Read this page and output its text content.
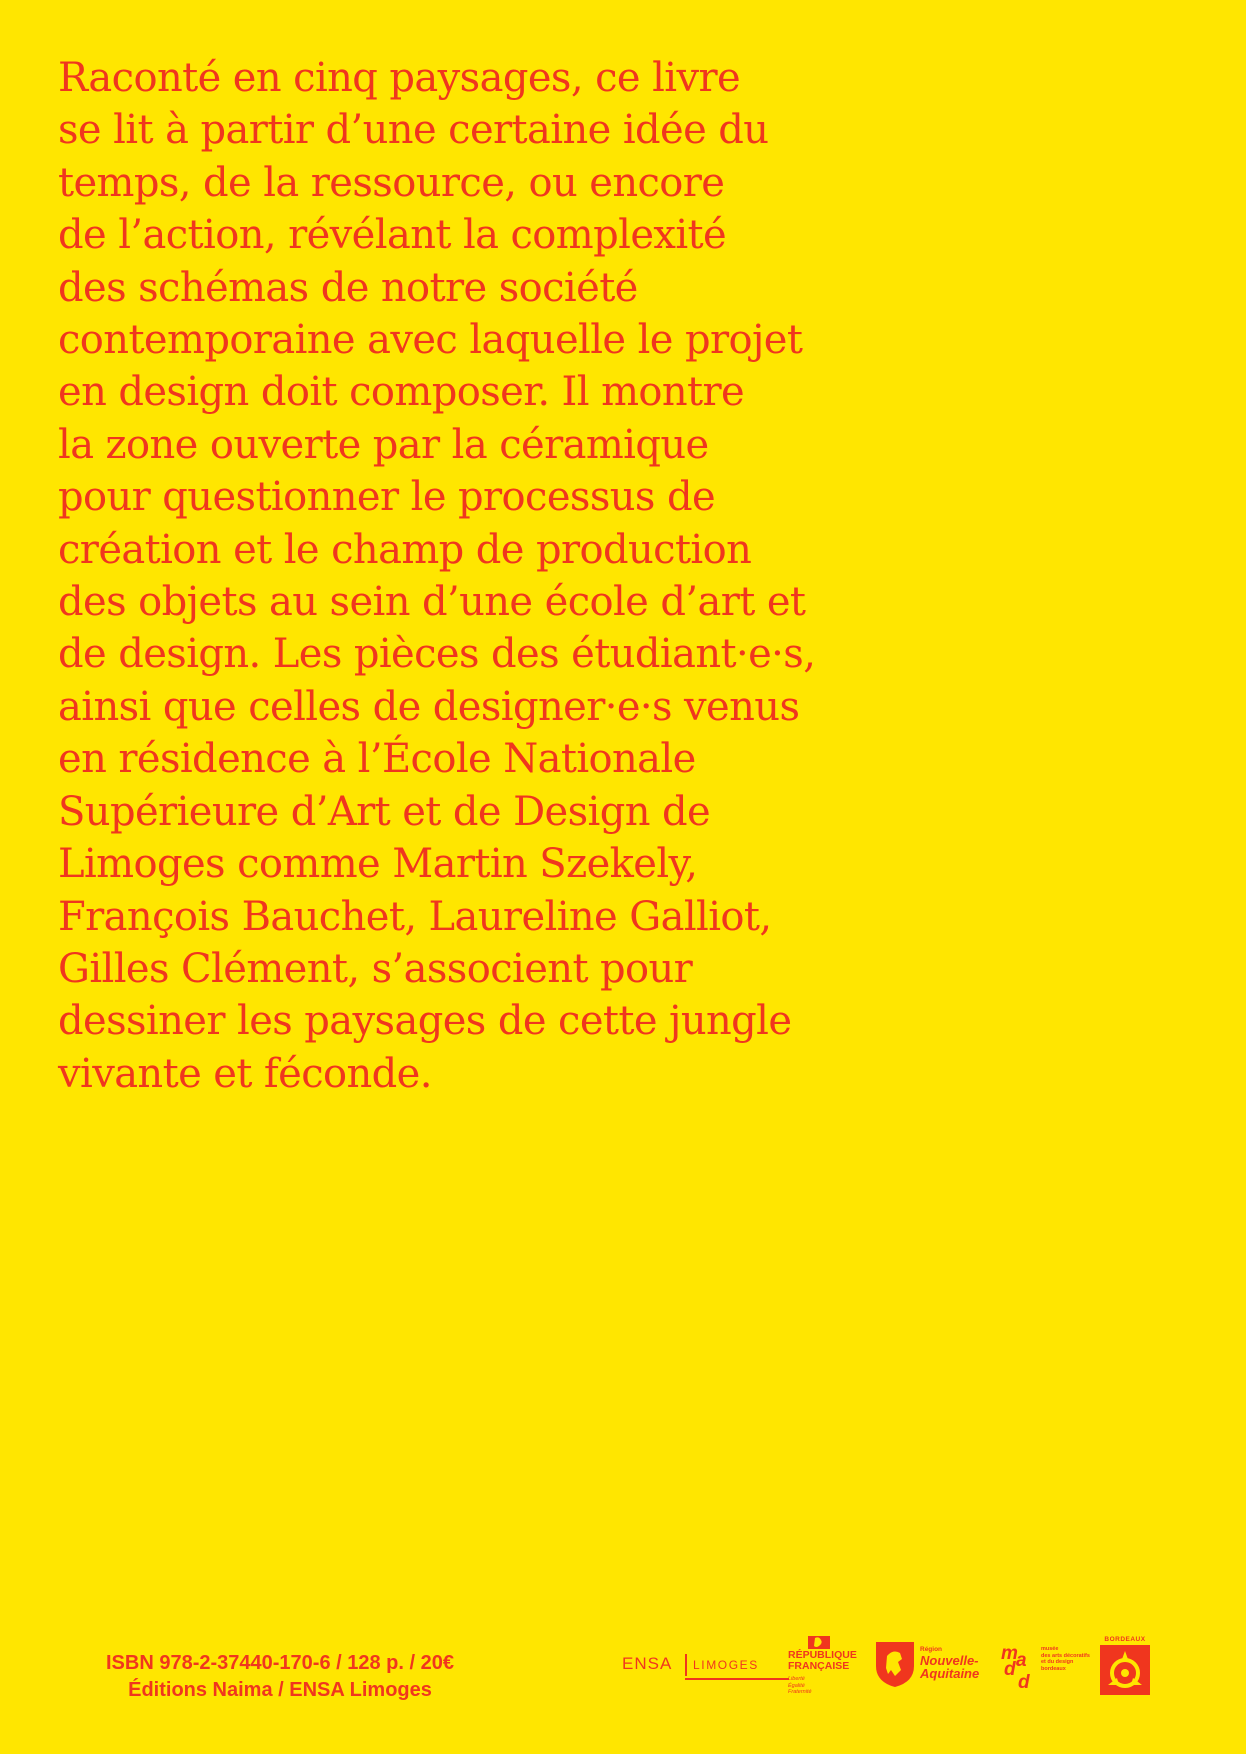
Raconté en cinq paysages, ce livre
se lit à partir d’une certaine idée du
temps, de la ressource, ou encore
de l’action, révélant la complexité
des schémas de notre société
contemporaine avec laquelle le projet
en design doit composer. Il montre
la zone ouverte par la céramique
pour questionner le processus de
création et le champ de production
des objets au sein d’une école d’art et
de design. Les pièces des étudiant·e·s,
ainsi que celles de designer·e·s venus
en résidence à l’École Nationale
Supérieure d’Art et de Design de
Limoges comme Martin Szekely,
François Bauchet, Laureline Galliot,
Gilles Clément, s’associent pour
dessiner les paysages de cette jungle
vivante et féconde.

ISBN 978-2-37440-170-6 / 128 p. / 20€
Éditions Naima / ENSA Limoges
ENSA LIMOGES
RÉPUBLIQUE
FRANÇAISE
Liberté
Égalité
Fraternité
Région
Nouvelle-
Aquitaine
m
a
d
d
musée
des arts décoratifs
et du design
bordeaux
BORDEAUX
